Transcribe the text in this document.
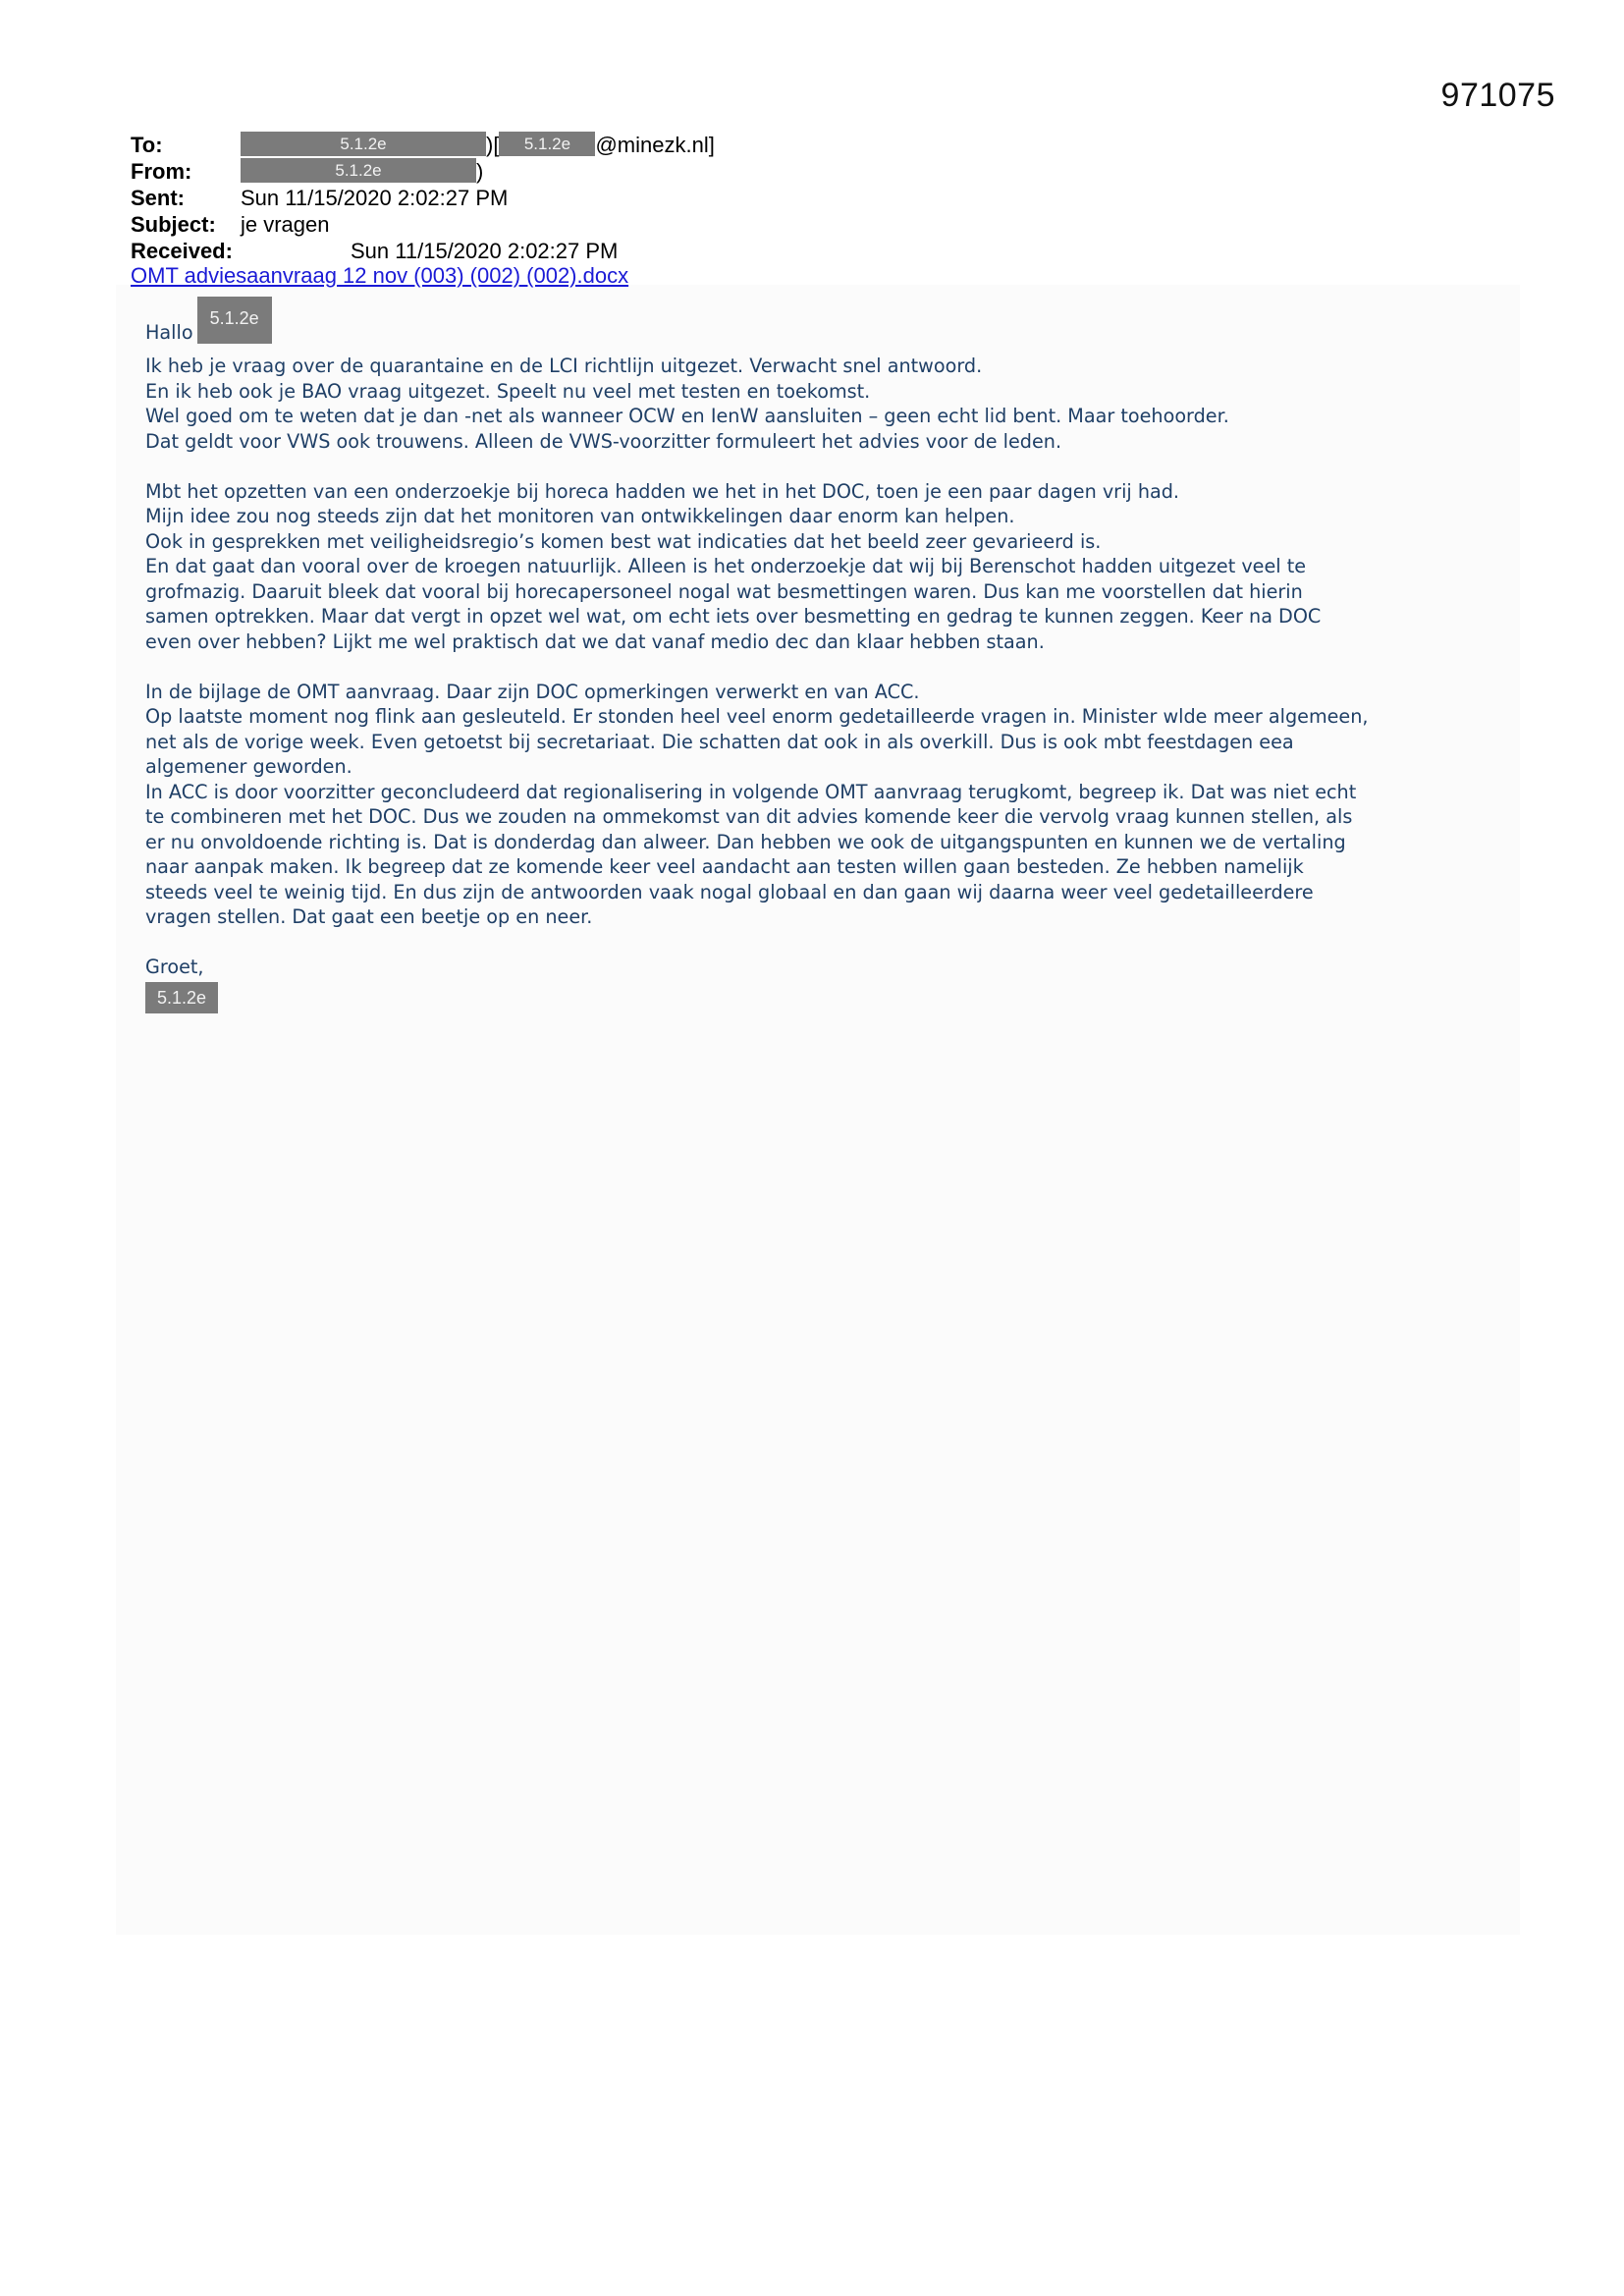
971075
To:	5.1.2e	)[ 5.1.2e @minezk.nl]
From:	5.1.2e	)
Sent:	Sun 11/15/2020 2:02:27 PM
Subject: je vragen
Received:	Sun 11/15/2020 2:02:27 PM
OMT adviesaanvraag 12 nov (003) (002) (002).docx
Hallo
5.1.2e
Ik heb je vraag over de quarantaine en de LCI richtlijn uitgezet. Verwacht snel antwoord.
En ik heb ook je BAO vraag uitgezet. Speelt nu veel met testen en toekomst.
Wel goed om te weten dat je dan -net als wanneer OCW en IenW aansluiten – geen echt lid bent. Maar toehoorder.
Dat geldt voor VWS ook trouwens. Alleen de VWS-voorzitter formuleert het advies voor de leden.
Mbt het opzetten van een onderzoekje bij horeca hadden we het in het DOC, toen je een paar dagen vrij had.
Mijn idee zou nog steeds zijn dat het monitoren van ontwikkelingen daar enorm kan helpen.
Ook in gesprekken met veiligheidsregio’s komen best wat indicaties dat het beeld zeer gevarieerd is.
En dat gaat dan vooral over de kroegen natuurlijk. Alleen is het onderzoekje dat wij bij Berenschot hadden uitgezet veel te
grofmazig. Daaruit bleek dat vooral bij horecapersoneel nogal wat besmettingen waren. Dus kan me voorstellen dat hierin
samen optrekken. Maar dat vergt in opzet wel wat, om echt iets over besmetting en gedrag te kunnen zeggen. Keer na DOC
even over hebben? Lijkt me wel praktisch dat we dat vanaf medio dec dan klaar hebben staan.
In de bijlage de OMT aanvraag. Daar zijn DOC opmerkingen verwerkt en van ACC.
Op laatste moment nog flink aan gesleuteld. Er stonden heel veel enorm gedetailleerde vragen in. Minister wlde meer algemeen,
net als de vorige week. Even getoetst bij secretariaat. Die schatten dat ook in als overkill. Dus is ook mbt feestdagen eea
algemener geworden.
In ACC is door voorzitter geconcludeerd dat regionalisering in volgende OMT aanvraag terugkomt, begreep ik. Dat was niet echt
te combineren met het DOC. Dus we zouden na ommekomst van dit advies komende keer die vervolg vraag kunnen stellen, als
er nu onvoldoende richting is. Dat is donderdag dan alweer. Dan hebben we ook de uitgangspunten en kunnen we de vertaling
naar aanpak maken. Ik begreep dat ze komende keer veel aandacht aan testen willen gaan besteden. Ze hebben namelijk
steeds veel te weinig tijd. En dus zijn de antwoorden vaak nogal globaal en dan gaan wij daarna weer veel gedetailleerdere
vragen stellen. Dat gaat een beetje op en neer.
Groet,
5.1.2e
